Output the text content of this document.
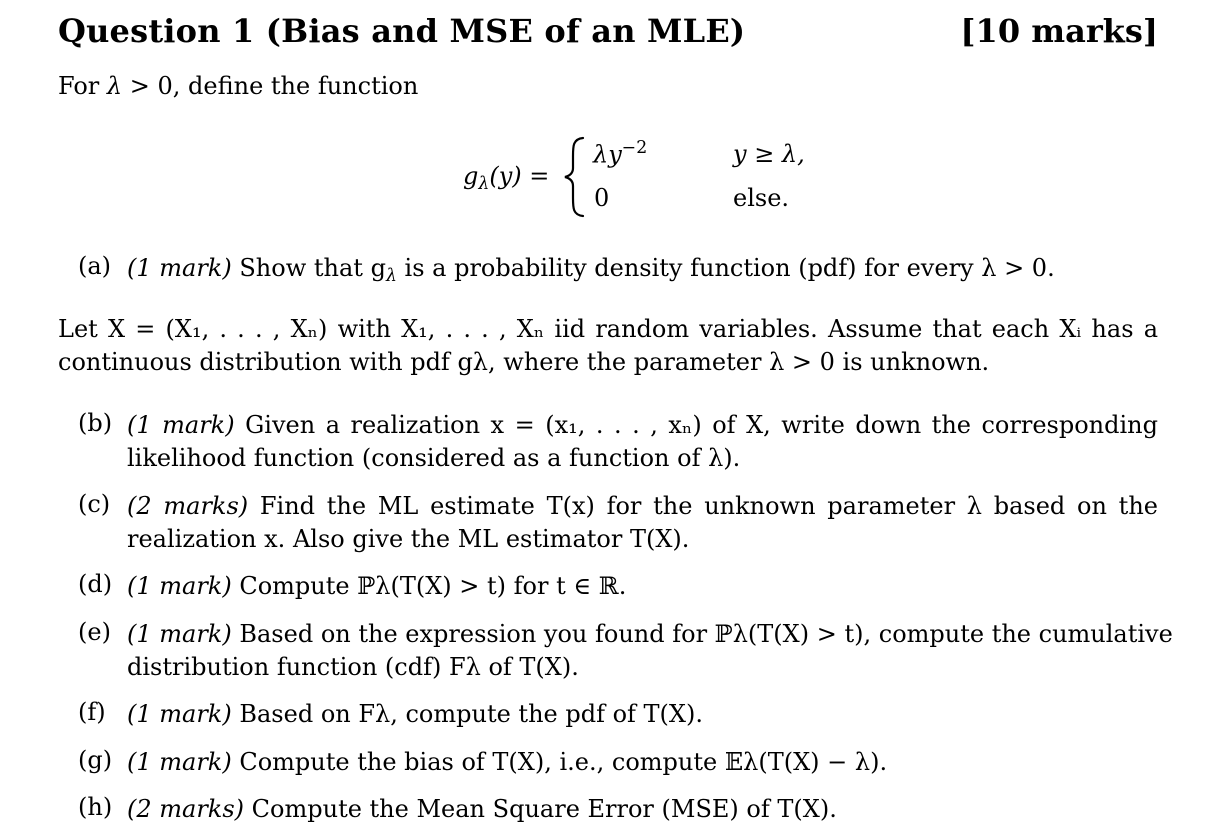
Question 1 (Bias and MSE of an MLE)	[10 marks]
For λ > 0, define the function
$g_\lambda(y)$ =
$\lambda y^{-2}$	y ≥ λ,
0	else.
(a) (1 mark) Show that $g_\lambda$ is a probability density function (pdf) for every λ > 0.
Let X = (X₁, . . . , Xₙ) with X₁, . . . , Xₙ iid random variables. Assume that each Xᵢ has a
continuous distribution with pdf gλ, where the parameter λ > 0 is unknown.
(b) (1 mark) Given a realization x = (x₁, . . . , xₙ) of X, write down the corresponding
likelihood function (considered as a function of λ).
(c) (2 marks) Find the ML estimate T(x) for the unknown parameter λ based on the
realization x. Also give the ML estimator T(X).
(d) (1 mark) Compute ℙλ(T(X) > t) for t ∈ ℝ.
(e) (1 mark) Based on the expression you found for ℙλ(T(X) > t), compute the cumulative
distribution function (cdf) Fλ of T(X).
(f) (1 mark) Based on Fλ, compute the pdf of T(X).
(g) (1 mark) Compute the bias of T(X), i.e., compute 𝔼λ(T(X) − λ).
(h) (2 marks) Compute the Mean Square Error (MSE) of T(X).
